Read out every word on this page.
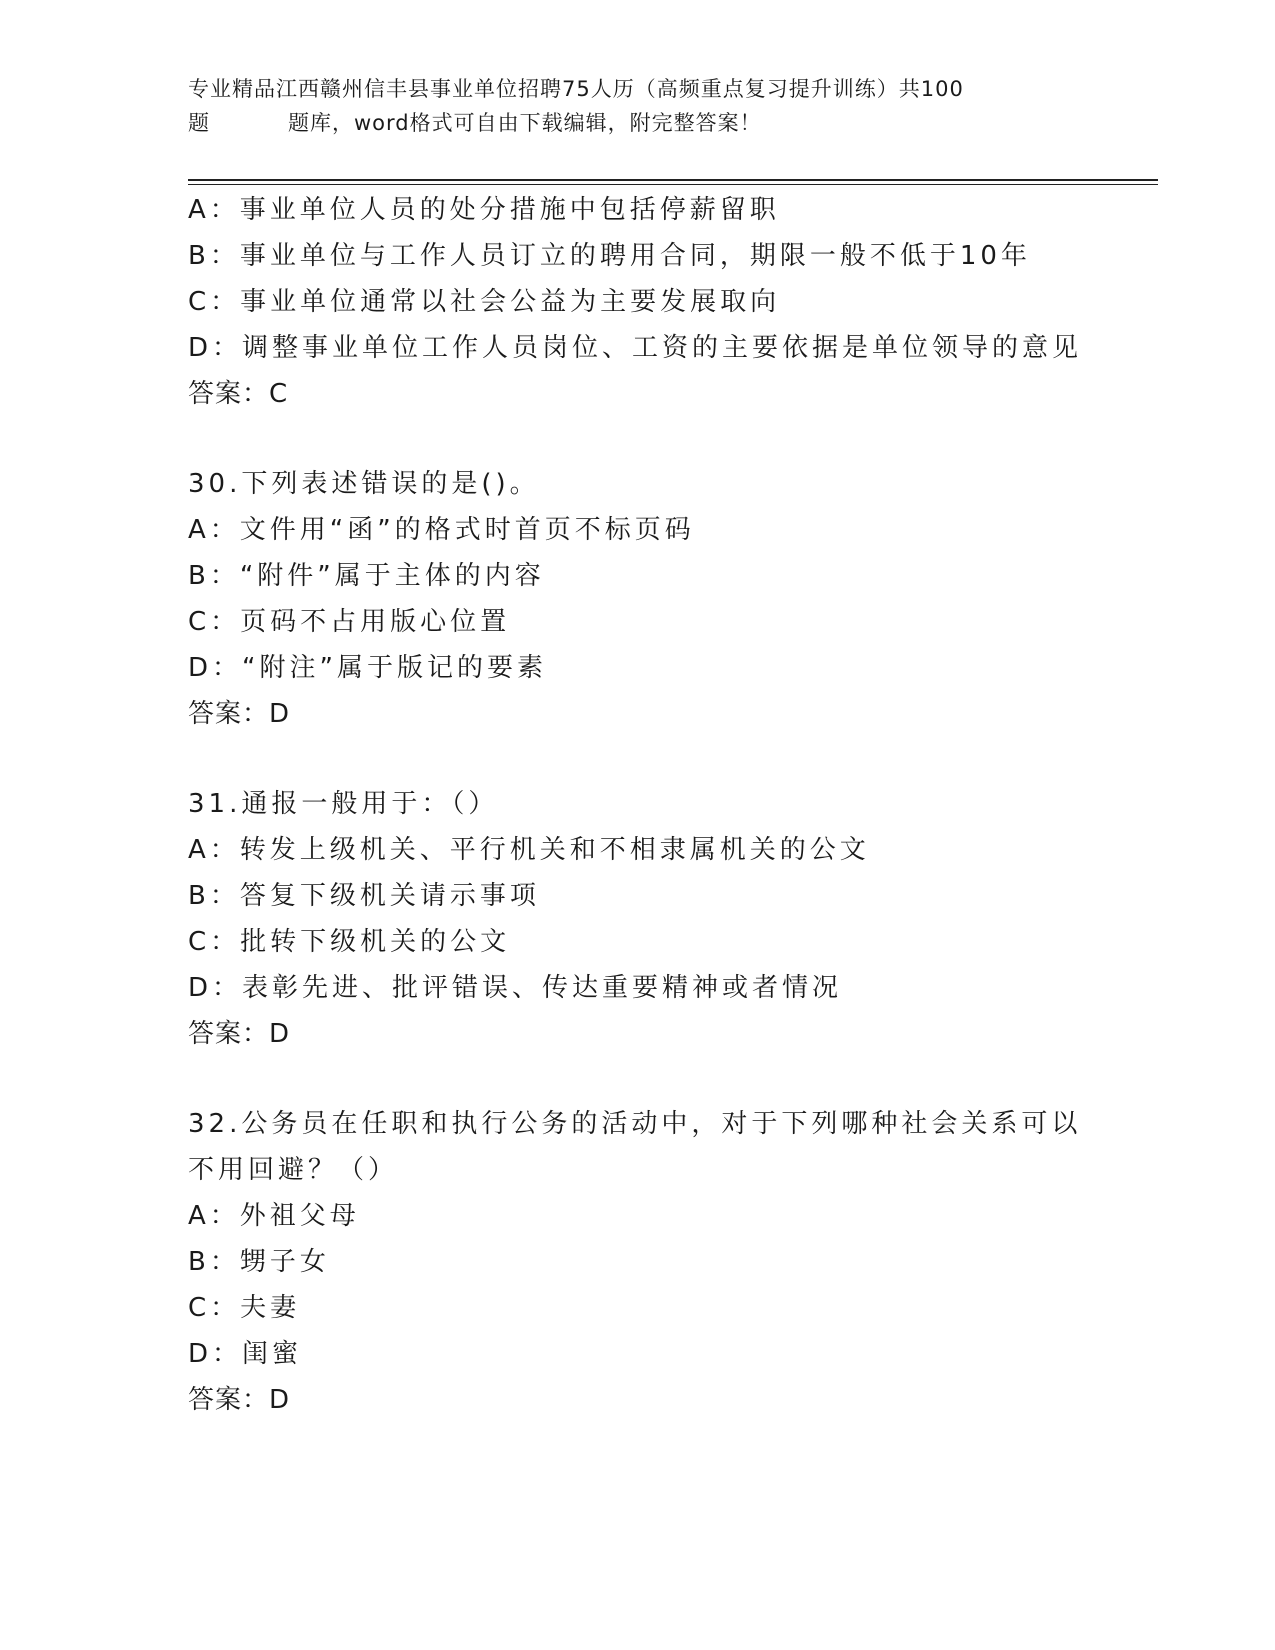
专业精品江西赣州信丰县事业单位招聘75人历（高频重点复习提升训练）共100
题	题库，word格式可自由下载编辑，附完整答案！
A：事业单位人员的处分措施中包括停薪留职
B：事业单位与工作人员订立的聘用合同，期限一般不低于10年
C：事业单位通常以社会公益为主要发展取向
D：调整事业单位工作人员岗位、工资的主要依据是单位领导的意见
答案：C
30.下列表述错误的是()。
A：文件用“函”的格式时首页不标页码
B：“附件”属于主体的内容
C：页码不占用版心位置
D：“附注”属于版记的要素
答案：D
31.通报一般用于：（）
A：转发上级机关、平行机关和不相隶属机关的公文
B：答复下级机关请示事项
C：批转下级机关的公文
D：表彰先进、批评错误、传达重要精神或者情况
答案：D
32.公务员在任职和执行公务的活动中，对于下列哪种社会关系可以不用回避？（）
A：外祖父母
B：甥子女
C：夫妻
D：闺蜜
答案：D
